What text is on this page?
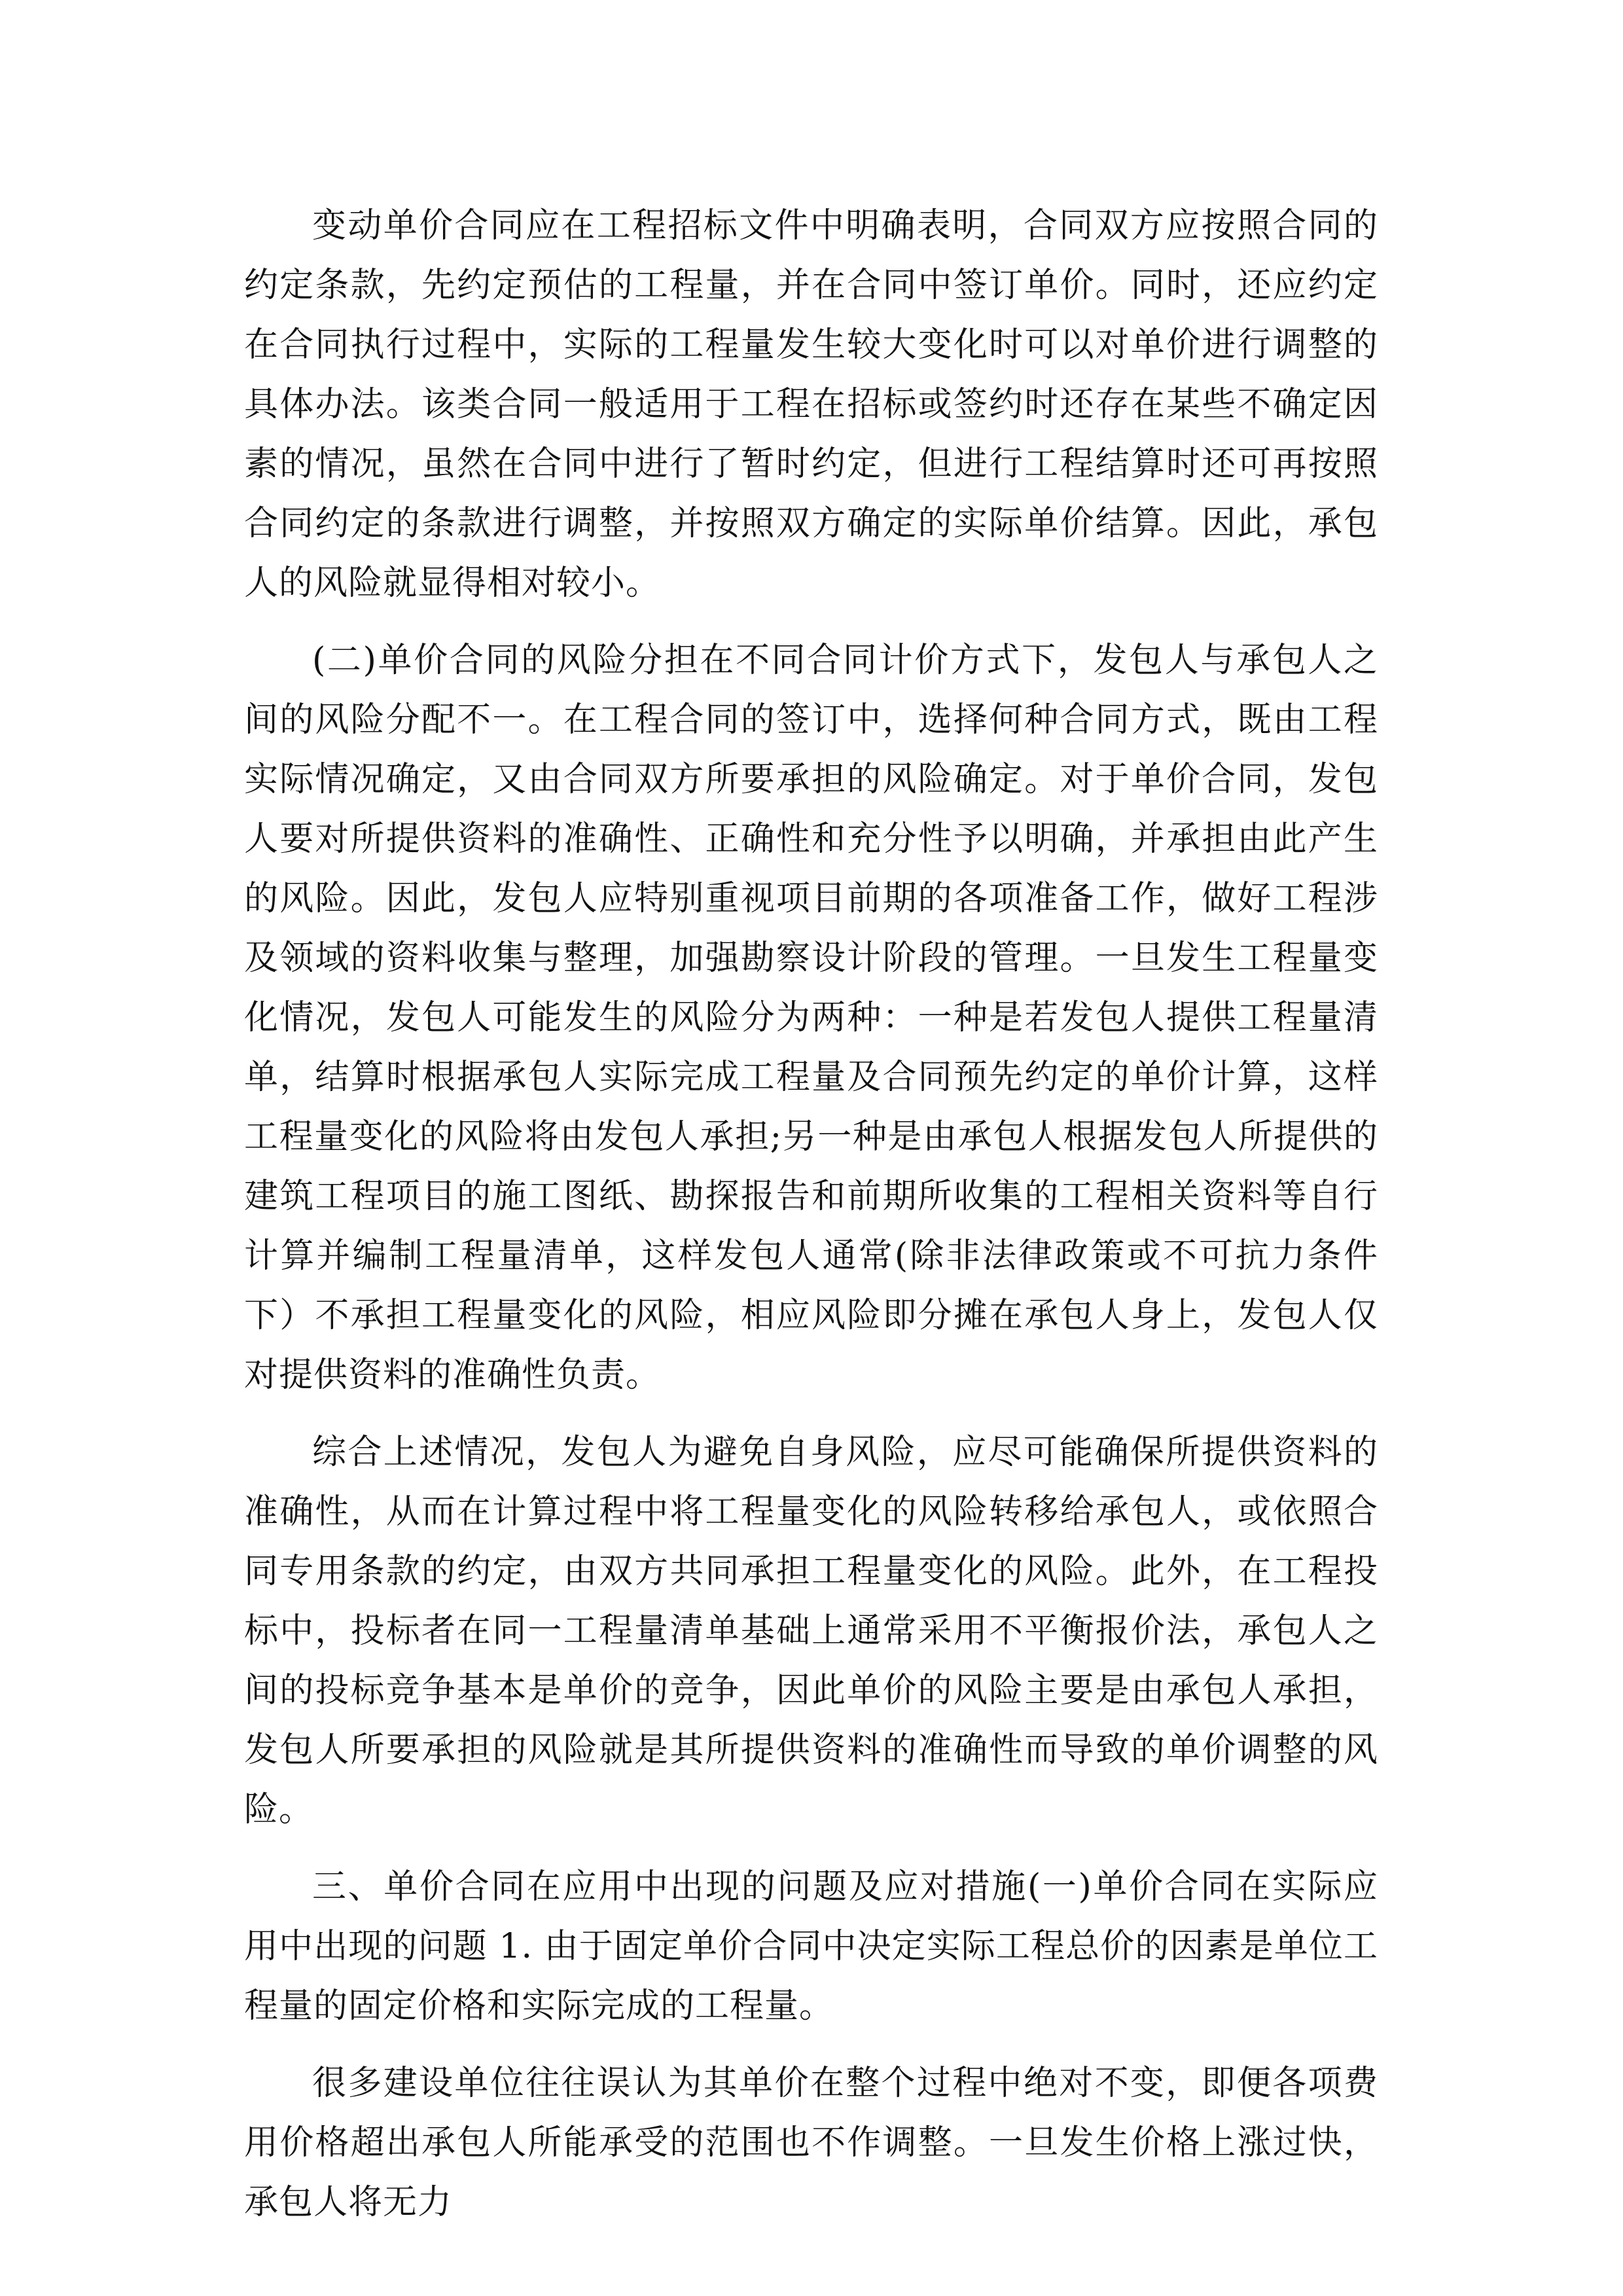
变动单价合同应在工程招标文件中明确表明，合同双方应按照合同的约定条款，先约定预估的工程量，并在合同中签订单价。同时，还应约定在合同执行过程中，实际的工程量发生较大变化时可以对单价进行调整的具体办法。该类合同一般适用于工程在招标或签约时还存在某些不确定因素的情况，虽然在合同中进行了暂时约定，但进行工程结算时还可再按照合同约定的条款进行调整，并按照双方确定的实际单价结算。因此，承包人的风险就显得相对较小。

(二)单价合同的风险分担在不同合同计价方式下，发包人与承包人之间的风险分配不一。在工程合同的签订中，选择何种合同方式，既由工程实际情况确定，又由合同双方所要承担的风险确定。对于单价合同，发包人要对所提供资料的准确性、正确性和充分性予以明确，并承担由此产生的风险。因此，发包人应特别重视项目前期的各项准备工作，做好工程涉及领域的资料收集与整理，加强勘察设计阶段的管理。一旦发生工程量变化情况，发包人可能发生的风险分为两种：一种是若发包人提供工程量清单，结算时根据承包人实际完成工程量及合同预先约定的单价计算，这样工程量变化的风险将由发包人承担;另一种是由承包人根据发包人所提供的建筑工程项目的施工图纸、勘探报告和前期所收集的工程相关资料等自行计算并编制工程量清单，这样发包人通常(除非法律政策或不可抗力条件下）不承担工程量变化的风险，相应风险即分摊在承包人身上，发包人仅对提供资料的准确性负责。

综合上述情况，发包人为避免自身风险，应尽可能确保所提供资料的准确性，从而在计算过程中将工程量变化的风险转移给承包人，或依照合同专用条款的约定，由双方共同承担工程量变化的风险。此外，在工程投标中，投标者在同一工程量清单基础上通常采用不平衡报价法，承包人之间的投标竞争基本是单价的竞争，因此单价的风险主要是由承包人承担，发包人所要承担的风险就是其所提供资料的准确性而导致的单价调整的风险。

三、单价合同在应用中出现的问题及应对措施(一)单价合同在实际应用中出现的问题 1. 由于固定单价合同中决定实际工程总价的因素是单位工程量的固定价格和实际完成的工程量。

很多建设单位往往误认为其单价在整个过程中绝对不变，即便各项费用价格超出承包人所能承受的范围也不作调整。一旦发生价格上涨过快，承包人将无力
